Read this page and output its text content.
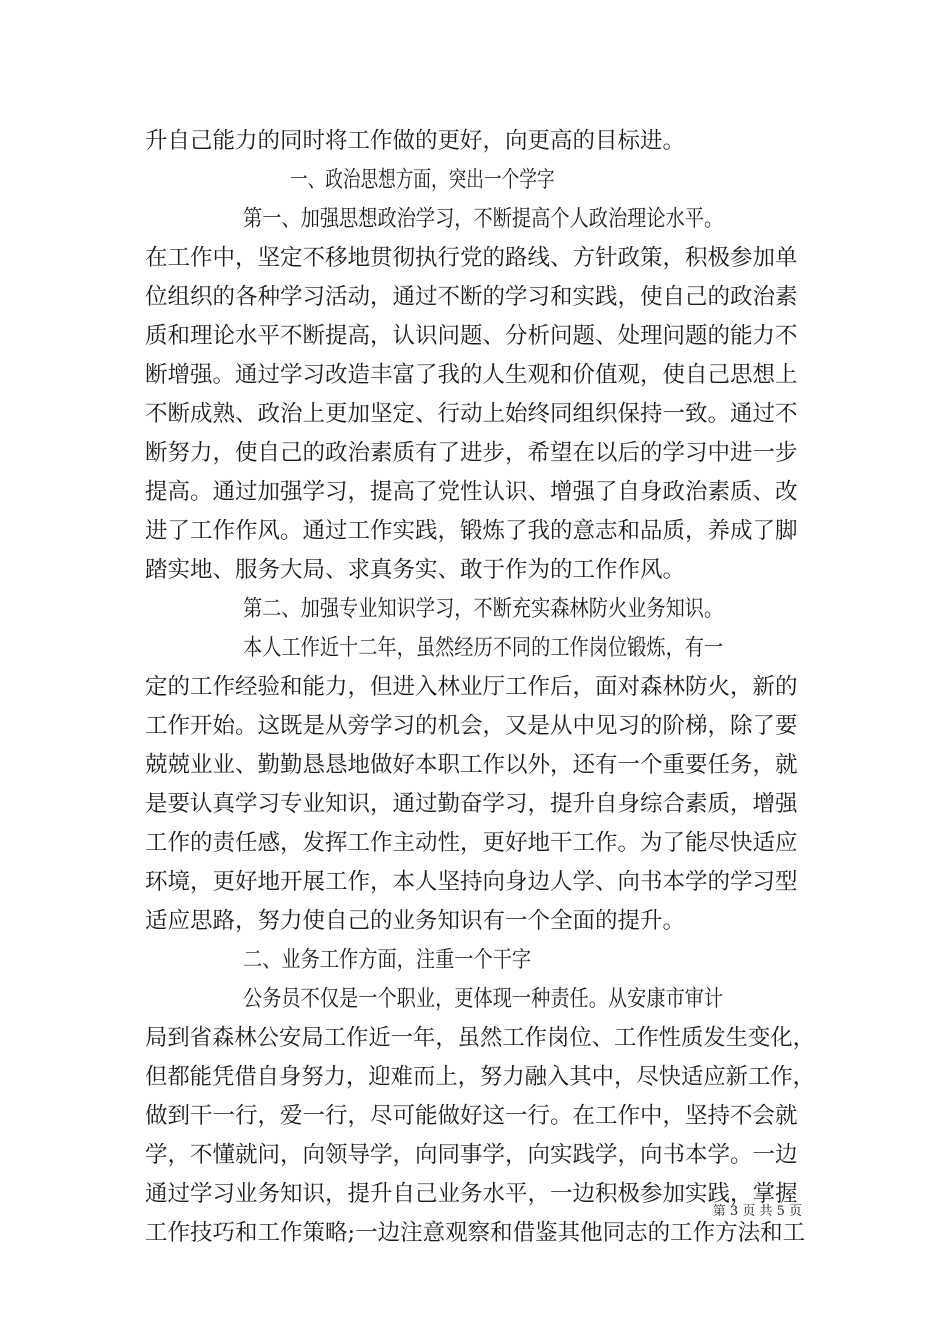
升自己能力的同时将工作做的更好，向更高的目标进。
一、政治思想方面，突出一个学字
第一、加强思想政治学习，不断提高个人政治理论水平。
在工作中，坚定不移地贯彻执行党的路线、方针政策，积极参加单
位组织的各种学习活动，通过不断的学习和实践，使自己的政治素
质和理论水平不断提高，认识问题、分析问题、处理问题的能力不
断增强。通过学习改造丰富了我的人生观和价值观，使自己思想上
不断成熟、政治上更加坚定、行动上始终同组织保持一致。通过不
断努力，使自己的政治素质有了进步，希望在以后的学习中进一步
提高。通过加强学习，提高了党性认识、增强了自身政治素质、改
进了工作作风。通过工作实践，锻炼了我的意志和品质，养成了脚
踏实地、服务大局、求真务实、敢于作为的工作作风。
第二、加强专业知识学习，不断充实森林防火业务知识。
本人工作近十二年，虽然经历不同的工作岗位锻炼，有一
定的工作经验和能力，但进入林业厅工作后，面对森林防火，新的
工作开始。这既是从旁学习的机会，又是从中见习的阶梯，除了要
兢兢业业、勤勤恳恳地做好本职工作以外，还有一个重要任务，就
是要认真学习专业知识，通过勤奋学习，提升自身综合素质，增强
工作的责任感，发挥工作主动性，更好地干工作。为了能尽快适应
环境，更好地开展工作，本人坚持向身边人学、向书本学的学习型
适应思路，努力使自己的业务知识有一个全面的提升。
二、业务工作方面，注重一个干字
公务员不仅是一个职业，更体现一种责任。从安康市审计
局到省森林公安局工作近一年，虽然工作岗位、工作性质发生变化，
但都能凭借自身努力，迎难而上，努力融入其中，尽快适应新工作，
做到干一行，爱一行，尽可能做好这一行。在工作中，坚持不会就
学，不懂就问，向领导学，向同事学，向实践学，向书本学。一边
通过学习业务知识，提升自己业务水平，一边积极参加实践，掌握
工作技巧和工作策略;一边注意观察和借鉴其他同志的工作方法和工
第 3 页 共 5 页
